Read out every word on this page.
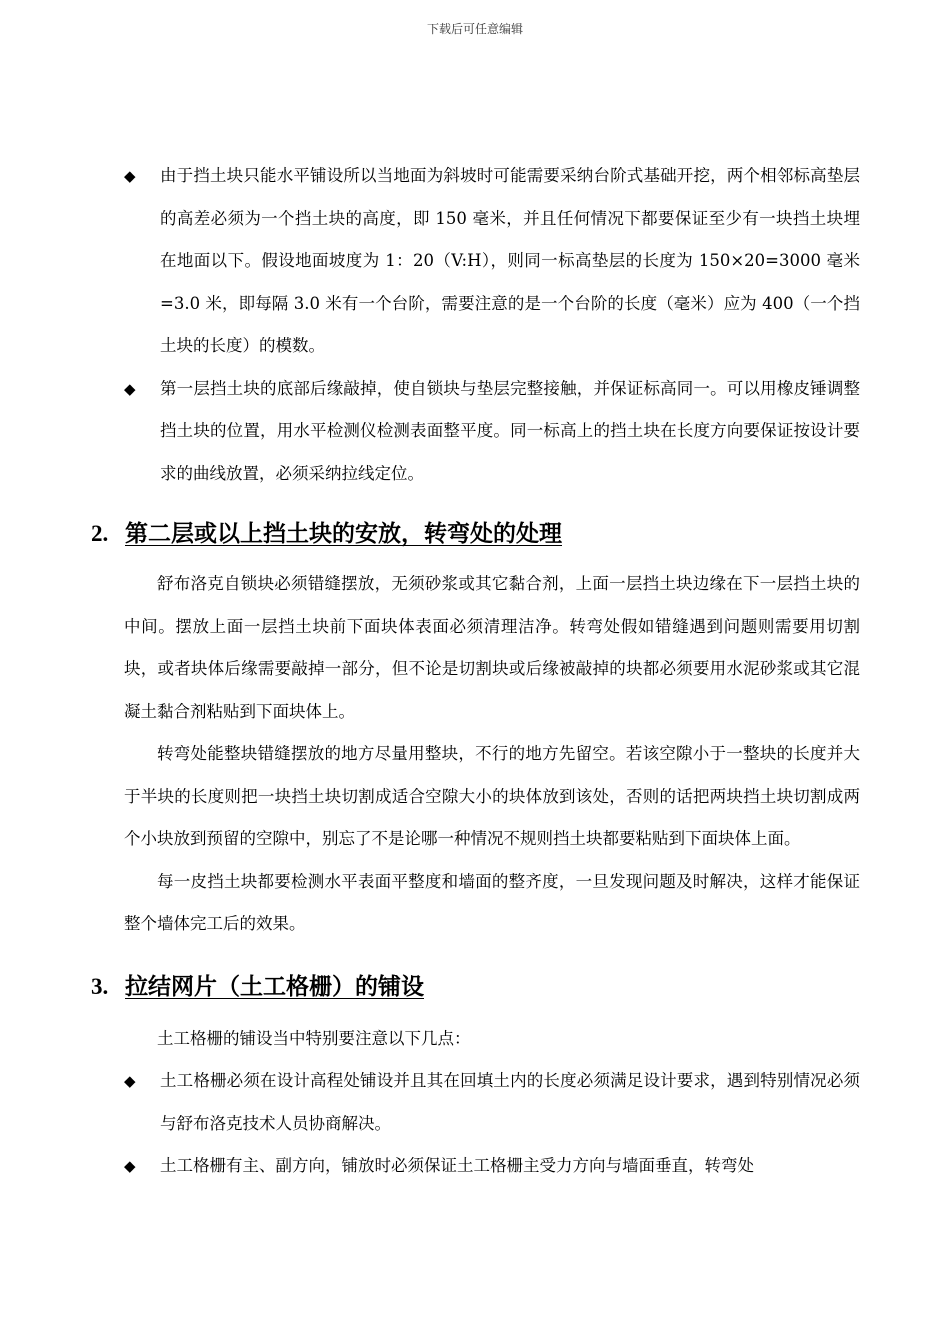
下载后可任意编辑
◆ 由于挡土块只能水平铺设所以当地面为斜坡时可能需要采纳台阶式基础开挖，两个相邻标高垫层的高差必须为一个挡土块的高度，即 150 毫米，并且任何情况下都要保证至少有一块挡土块埋在地面以下。假设地面坡度为 1：20（V:H），则同一标高垫层的长度为 150×20=3000 毫米=3.0 米，即每隔 3.0 米有一个台阶，需要注意的是一个台阶的长度（毫米）应为 400（一个挡土块的长度）的模数。
◆ 第一层挡土块的底部后缘敲掉，使自锁块与垫层完整接触，并保证标高同一。可以用橡皮锤调整挡土块的位置，用水平检测仪检测表面整平度。同一标高上的挡土块在长度方向要保证按设计要求的曲线放置，必须采纳拉线定位。
2. 第二层或以上挡土块的安放，转弯处的处理
舒布洛克自锁块必须错缝摆放，无须砂浆或其它黏合剂，上面一层挡土块边缘在下一层挡土块的中间。摆放上面一层挡土块前下面块体表面必须清理洁净。转弯处假如错缝遇到问题则需要用切割块，或者块体后缘需要敲掉一部分，但不论是切割块或后缘被敲掉的块都必须要用水泥砂浆或其它混凝土黏合剂粘贴到下面块体上。
转弯处能整块错缝摆放的地方尽量用整块，不行的地方先留空。若该空隙小于一整块的长度并大于半块的长度则把一块挡土块切割成适合空隙大小的块体放到该处，否则的话把两块挡土块切割成两个小块放到预留的空隙中，别忘了不是论哪一种情况不规则挡土块都要粘贴到下面块体上面。
每一皮挡土块都要检测水平表面平整度和墙面的整齐度，一旦发现问题及时解决，这样才能保证整个墙体完工后的效果。
3. 拉结网片（土工格栅）的铺设
土工格栅的铺设当中特别要注意以下几点：
◆ 土工格栅必须在设计高程处铺设并且其在回填土内的长度必须满足设计要求，遇到特别情况必须与舒布洛克技术人员协商解决。
◆ 土工格栅有主、副方向，铺放时必须保证土工格栅主受力方向与墙面垂直，转弯处
